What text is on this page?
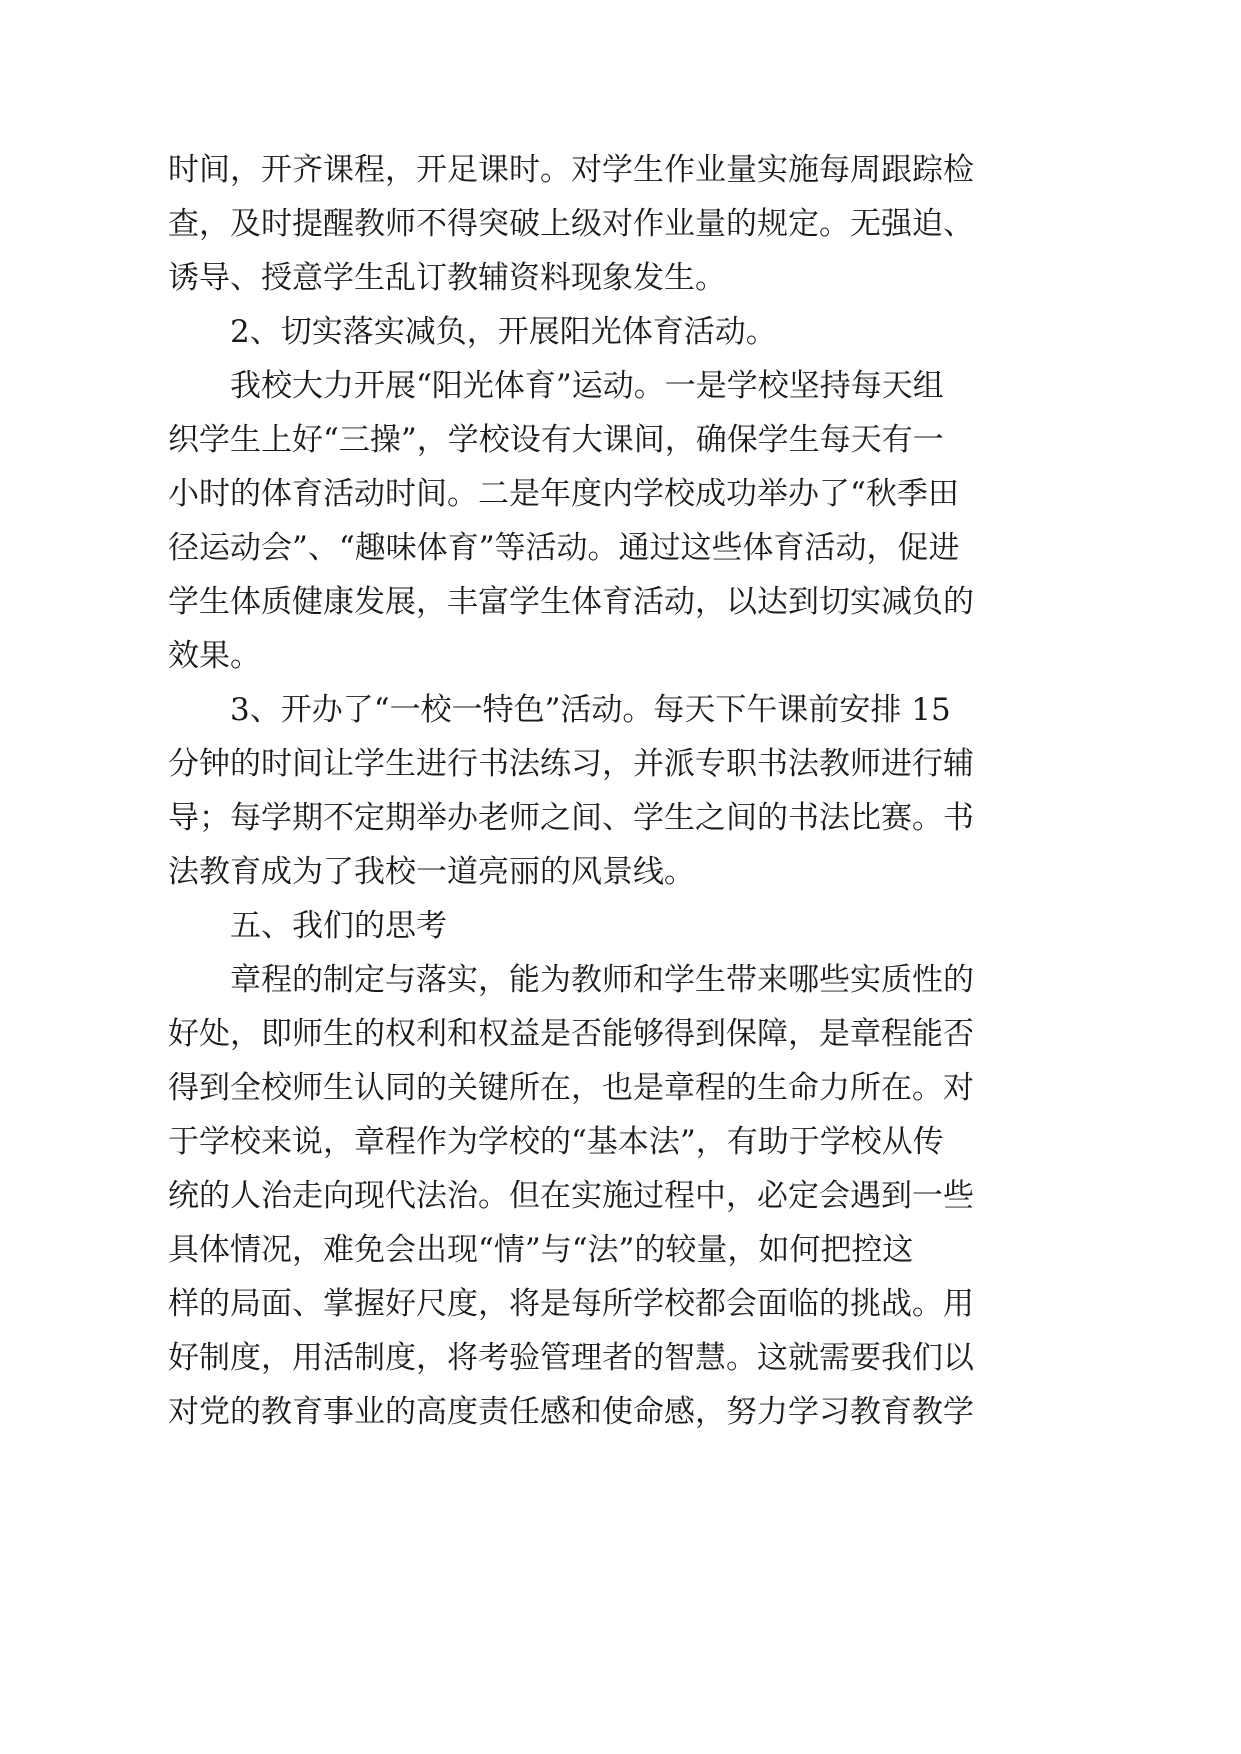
时间，开齐课程，开足课时。对学生作业量实施每周跟踪检
查，及时提醒教师不得突破上级对作业量的规定。无强迫、
诱导、授意学生乱订教辅资料现象发生。
2、切实落实减负，开展阳光体育活动。
我校大力开展“阳光体育”运动。一是学校坚持每天组
织学生上好“三操”，学校设有大课间，确保学生每天有一
小时的体育活动时间。二是年度内学校成功举办了“秋季田
径运动会”、“趣味体育”等活动。通过这些体育活动，促进
学生体质健康发展，丰富学生体育活动，以达到切实减负的
效果。
3、开办了“一校一特色”活动。每天下午课前安排 15
分钟的时间让学生进行书法练习，并派专职书法教师进行辅
导；每学期不定期举办老师之间、学生之间的书法比赛。书
法教育成为了我校一道亮丽的风景线。
五、我们的思考
章程的制定与落实，能为教师和学生带来哪些实质性的
好处，即师生的权利和权益是否能够得到保障，是章程能否
得到全校师生认同的关键所在，也是章程的生命力所在。对
于学校来说，章程作为学校的“基本法”，有助于学校从传
统的人治走向现代法治。但在实施过程中，必定会遇到一些
具体情况，难免会出现“情”与“法”的较量，如何把控这
样的局面、掌握好尺度，将是每所学校都会面临的挑战。用
好制度，用活制度，将考验管理者的智慧。这就需要我们以
对党的教育事业的高度责任感和使命感，努力学习教育教学
